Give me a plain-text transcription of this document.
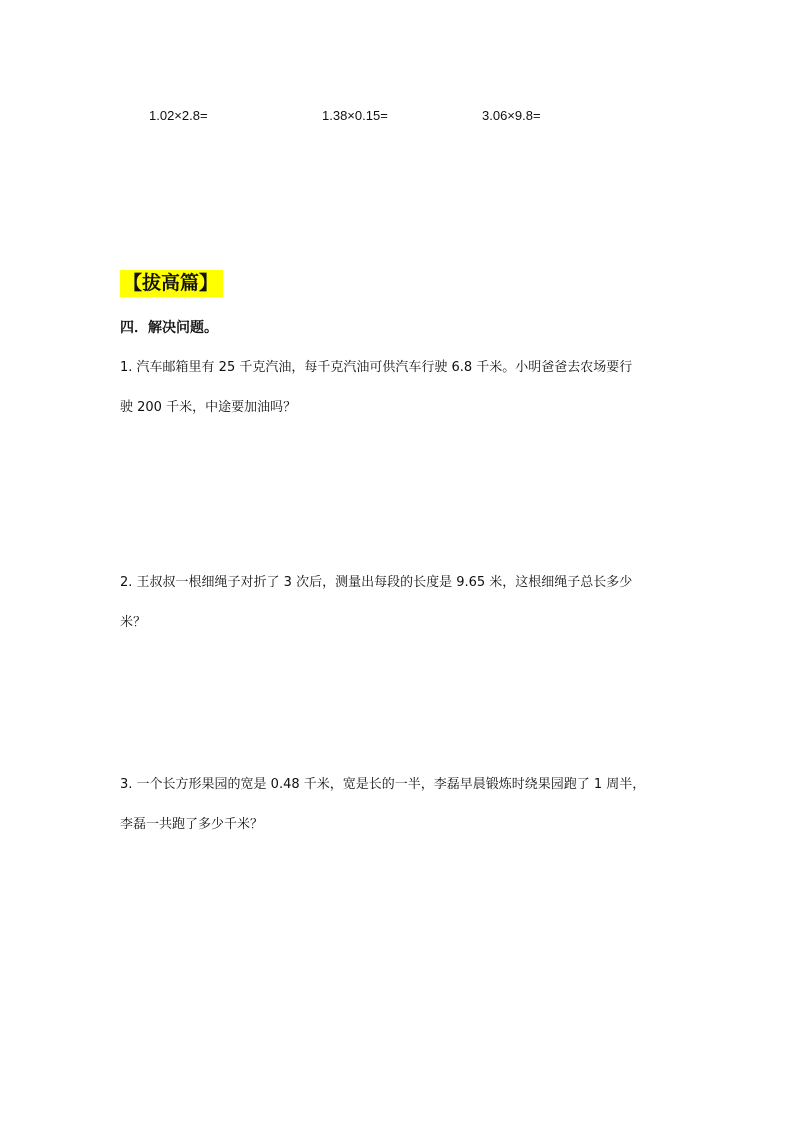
1.02×2.8=	1.38×0.15=	3.06×9.8=
【拔高篇】
四．解决问题。
1. 汽车邮箱里有 25 千克汽油，每千克汽油可供汽车行驶 6.8 千米。小明爸爸去农场要行
驶 200 千米，中途要加油吗？
2. 王叔叔一根细绳子对折了 3 次后，测量出每段的长度是 9.65 米，这根细绳子总长多少
米？
3. 一个长方形果园的宽是 0.48 千米，宽是长的一半，李磊早晨锻炼时绕果园跑了 1 周半，
李磊一共跑了多少千米？
